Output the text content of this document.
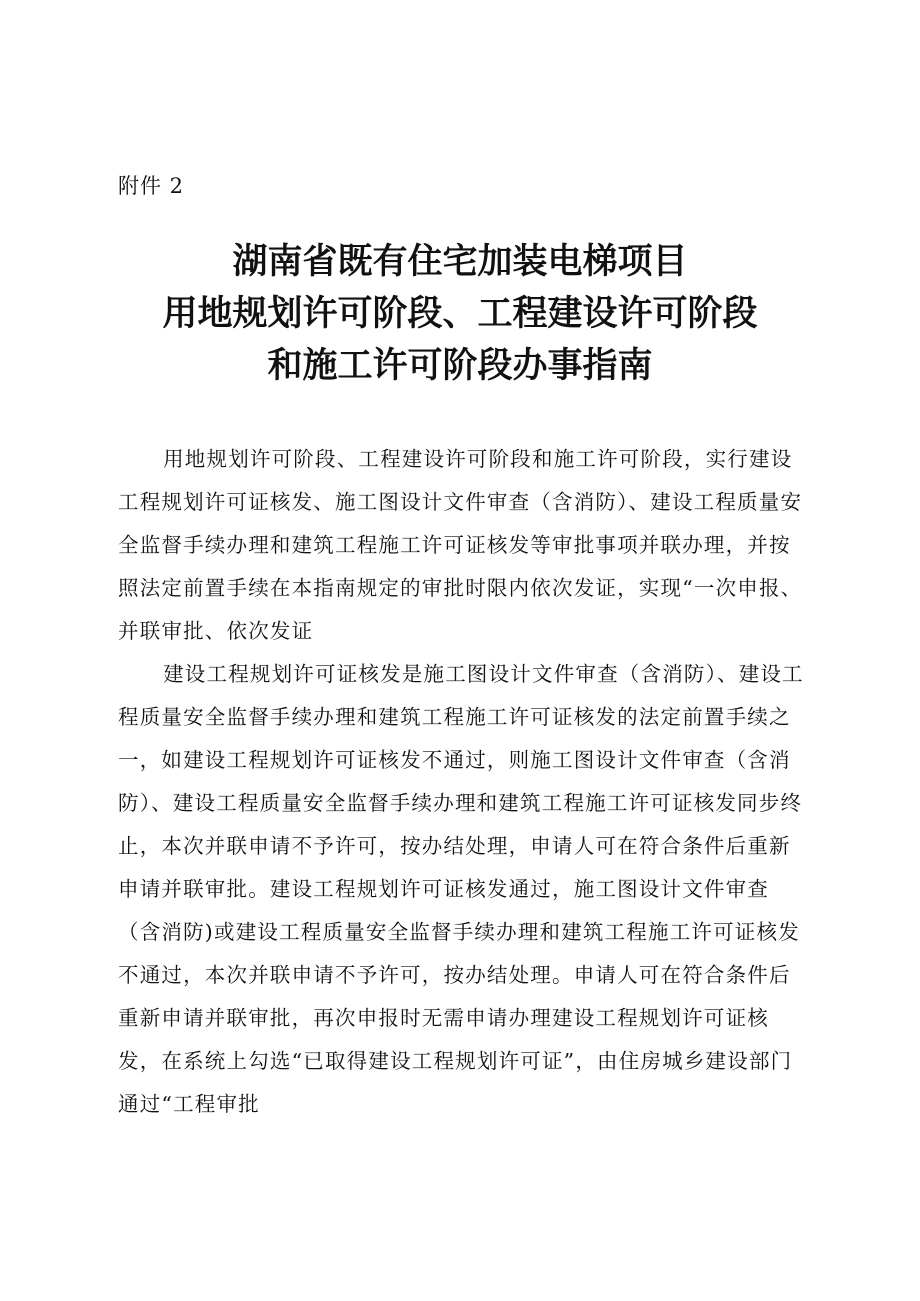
附件 2
湖南省既有住宅加装电梯项目
用地规划许可阶段、工程建设许可阶段
和施工许可阶段办事指南

用地规划许可阶段、工程建设许可阶段和施工许可阶段，实行建设工程规划许可证核发、施工图设计文件审查（含消防）、建设工程质量安全监督手续办理和建筑工程施工许可证核发等审批事项并联办理，并按照法定前置手续在本指南规定的审批时限内依次发证，实现“一次申报、并联审批、依次发证

建设工程规划许可证核发是施工图设计文件审查（含消防）、建设工程质量安全监督手续办理和建筑工程施工许可证核发的法定前置手续之一，如建设工程规划许可证核发不通过，则施工图设计文件审查（含消防）、建设工程质量安全监督手续办理和建筑工程施工许可证核发同步终止，本次并联申请不予许可，按办结处理，申请人可在符合条件后重新申请并联审批。建设工程规划许可证核发通过，施工图设计文件审查（含消防)或建设工程质量安全监督手续办理和建筑工程施工许可证核发不通过，本次并联申请不予许可，按办结处理。申请人可在符合条件后重新申请并联审批，再次申报时无需申请办理建设工程规划许可证核发，在系统上勾选“已取得建设工程规划许可证”，由住房城乡建设部门通过“工程审批
